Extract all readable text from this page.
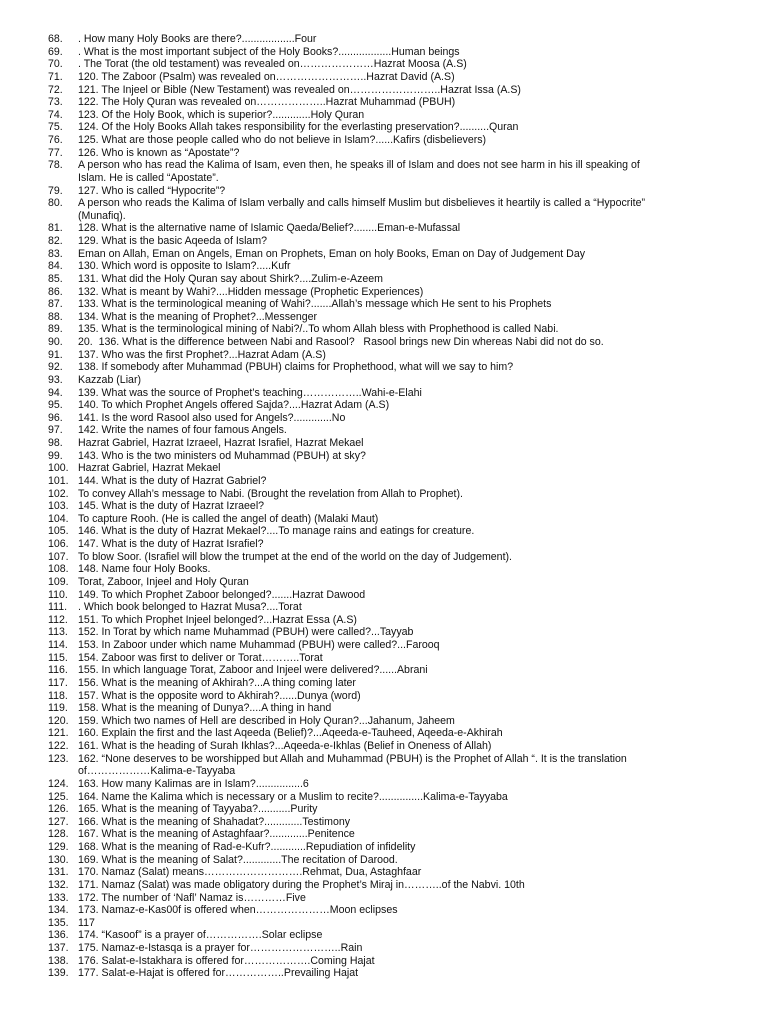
68.	. How many Holy Books are there?..................Four
69.	. What is the most important subject of the Holy Books?..................Human beings
70.	. The Torat (the old testament) was revealed on…………………Hazrat Moosa (A.S)
71.	120. The Zaboor (Psalm) was revealed on……………………..Hazrat David (A.S)
72.	121. The Injeel or Bible (New Testament) was revealed on……………………..Hazrat Issa (A.S)
73.	122. The Holy Quran was revealed on………………..Hazrat Muhammad (PBUH)
74.	123. Of the Holy Book, which is superior?.............Holy Quran
75.	124. Of the Holy Books Allah takes responsibility for the everlasting preservation?..........Quran
76.	125. What are those people called who do not believe in Islam?......Kafirs (disbelievers)
77.	126. Who is known as “Apostate”?
78.	A person who has read the Kalima of Isam, even then, he speaks ill of Islam and does not see harm in his ill speaking of
Islam. He is called “Apostate”.
79.	127. Who is called “Hypocrite”?
80.	A person who reads the Kalima of Islam verbally and calls himself Muslim but disbelieves it heartily is called a “Hypocrite”
(Munafiq).
81.	128. What is the alternative name of Islamic Qaeda/Belief?........Eman-e-Mufassal
82.	129. What is the basic Aqeeda of Islam?
83.	Eman on Allah, Eman on Angels, Eman on Prophets, Eman on holy Books, Eman on Day of Judgement Day
84.	130. Which word is opposite to Islam?.....Kufr
85.	131. What did the Holy Quran say about Shirk?....Zulim-e-Azeem
86.	132. What is meant by Wahi?....Hidden message (Prophetic Experiences)
87.	133. What is the terminological meaning of Wahi?.......Allah’s message which He sent to his Prophets
88.	134. What is the meaning of Prophet?...Messenger
89.	135. What is the terminological mining of Nabi?/..To whom Allah bless with Prophethood is called Nabi.
90.	20.  136. What is the difference between Nabi and Rasool?   Rasool brings new Din whereas Nabi did not do so.
91.	137. Who was the first Prophet?...Hazrat Adam (A.S)
92.	138. If somebody after Muhammad (PBUH) claims for Prophethood, what will we say to him?
93.	Kazzab (Liar)
94.	139. What was the source of Prophet’s teaching……………..Wahi-e-Elahi
95.	140. To which Prophet Angels offered Sajda?....Hazrat Adam (A.S)
96.	141. Is the word Rasool also used for Angels?.............No
97.	142. Write the names of four famous Angels.
98.	Hazrat Gabriel, Hazrat Izraeel, Hazrat Israfiel, Hazrat Mekael
99.	143. Who is the two ministers od Muhammad (PBUH) at sky?
100. Hazrat Gabriel, Hazrat Mekael
101. 144. What is the duty of Hazrat Gabriel?
102. To convey Allah’s message to Nabi. (Brought the revelation from Allah to Prophet).
103. 145. What is the duty of Hazrat Izraeel?
104. To capture Rooh. (He is called the angel of death) (Malaki Maut)
105. 146. What is the duty of Hazrat Mekael?....To manage rains and eatings for creature.
106. 147. What is the duty of Hazrat Israfiel?
107. To blow Soor. (Israfiel will blow the trumpet at the end of the world on the day of Judgement).
108. 148. Name four Holy Books.
109. Torat, Zaboor, Injeel and Holy Quran
110. 149. To which Prophet Zaboor belonged?.......Hazrat Dawood
111.	. Which book belonged to Hazrat Musa?....Torat
112. 151. To which Prophet Injeel belonged?...Hazrat Essa (A.S)
113. 152. In Torat by which name Muhammad (PBUH) were called?...Tayyab
114. 153. In Zaboor under which name Muhammad (PBUH) were called?...Farooq
115. 154. Zaboor was first to deliver or Torat………..Torat
116. 155. In which language Torat, Zaboor and Injeel were delivered?......Abrani
117. 156. What is the meaning of Akhirah?...A thing coming later
118. 157. What is the opposite word to Akhirah?......Dunya (word)
119. 158. What is the meaning of Dunya?....A thing in hand
120. 159. Which two names of Hell are described in Holy Quran?...Jahanum, Jaheem
121. 160. Explain the first and the last Aqeeda (Belief)?...Aqeeda-e-Tauheed, Aqeeda-e-Akhirah
122. 161. What is the heading of Surah Ikhlas?...Aqeeda-e-Ikhlas (Belief in Oneness of Allah)
123. 162. “None deserves to be worshipped but Allah and Muhammad (PBUH) is the Prophet of Allah “. It is the translation
of………………Kalima-e-Tayyaba
124. 163. How many Kalimas are in Islam?................6
125. 164. Name the Kalima which is necessary or a Muslim to recite?...............Kalima-e-Tayyaba
126. 165. What is the meaning of Tayyaba?...........Purity
127. 166. What is the meaning of Shahadat?.............Testimony
128. 167. What is the meaning of Astaghfaar?.............Penitence
129. 168. What is the meaning of Rad-e-Kufr?............Repudiation of infidelity
130. 169. What is the meaning of Salat?.............The recitation of Darood.
131. 170. Namaz (Salat) means……………………….Rehmat, Dua, Astaghfaar
132. 171. Namaz (Salat) was made obligatory during the Prophet’s Miraj in………..of the Nabvi. 10th
133. 172. The number of ‘Nafl’ Namaz is…………Five
134. 173. Namaz-e-Kas00f is offered when…………………Moon eclipses
135. 117
136. 174. “Kasoof” is a prayer of…………….Solar eclipse
137. 175. Namaz-e-Istasqa is a prayer for……………………..Rain
138. 176. Salat-e-Istakhara is offered for……………….Coming Hajat
139. 177. Salat-e-Hajat is offered for……………..Prevailing Hajat
